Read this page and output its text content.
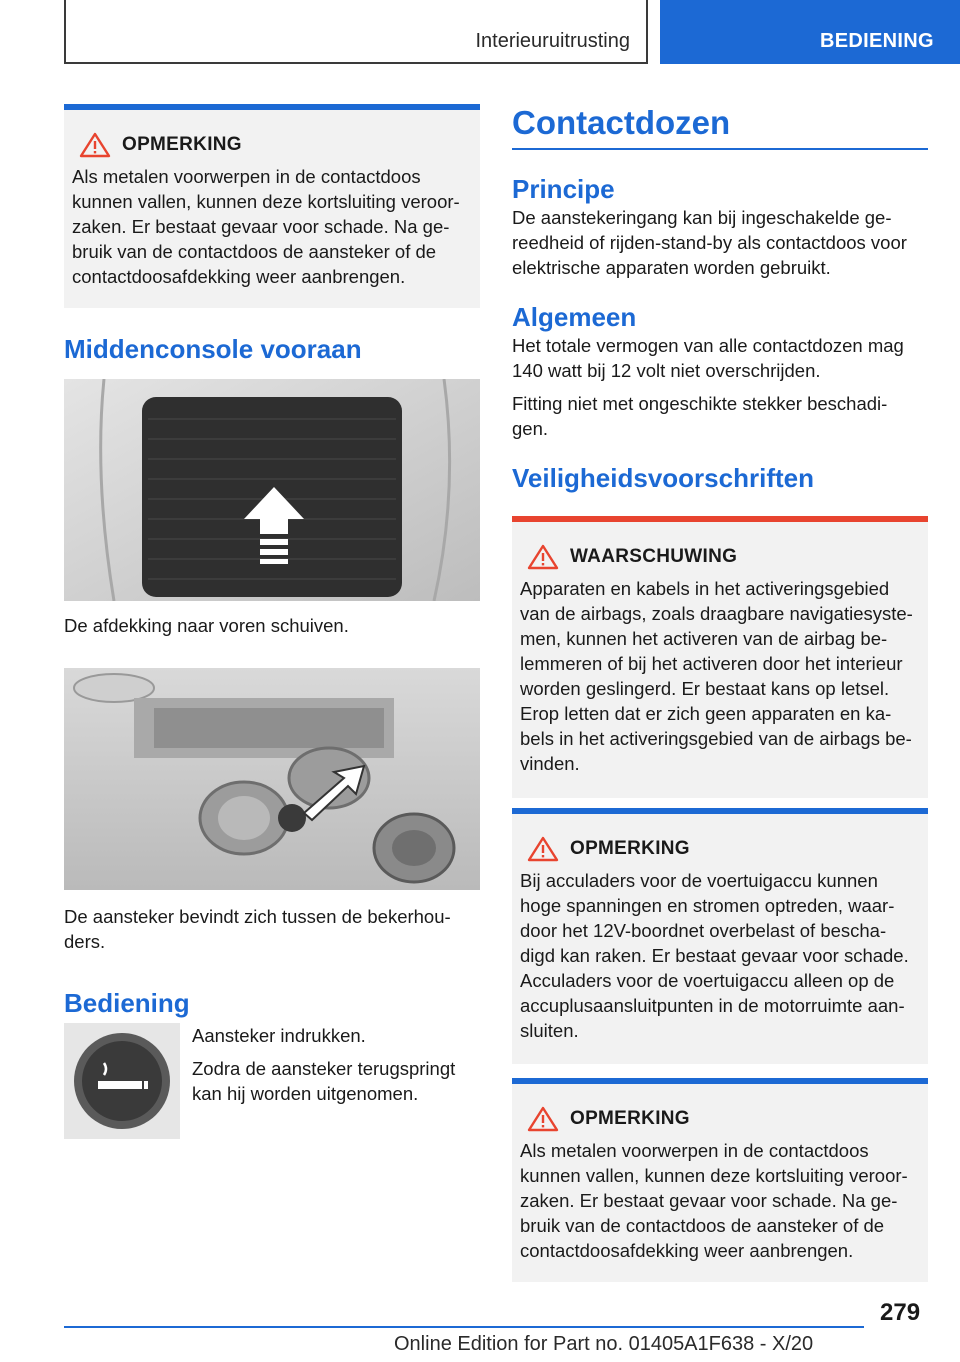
Interieuruitrusting	BEDIENING
OPMERKING

Als metalen voorwerpen in de contactdoos

kunnen vallen, kunnen deze kortsluiting veroor-

zaken. Er bestaat gevaar voor schade. Na ge-

bruik van de contactdoos de aansteker of de

contactdoosafdekking weer aanbrengen.

Middenconsole vooraan

De afdekking naar voren schuiven.

De aansteker bevindt zich tussen de bekerhou-

ders.

Bediening

Aansteker indrukken.

Zodra de aansteker terugspringt

kan hij worden uitgenomen.

Contactdozen
Principe

De aanstekeringang kan bij ingeschakelde ge-

reedheid of rijden-stand-by als contactdoos voor

elektrische apparaten worden gebruikt.

Algemeen

Het totale vermogen van alle contactdozen mag

140 watt bij 12 volt niet overschrijden.

Fitting niet met ongeschikte stekker beschadi-

gen.

Veiligheidsvoorschriften
WAARSCHUWING

Apparaten en kabels in het activeringsgebied

van de airbags, zoals draagbare navigatiesyste-

men, kunnen het activeren van de airbag be-

lemmeren of bij het activeren door het interieur

worden geslingerd. Er bestaat kans op letsel.

Erop letten dat er zich geen apparaten en ka-

bels in het activeringsgebied van de airbags be-

vinden.

OPMERKING

Bij acculaders voor de voertuigaccu kunnen

hoge spanningen en stromen optreden, waar-

door het 12V-boordnet overbelast of bescha-

digd kan raken. Er bestaat gevaar voor schade.

Acculaders voor de voertuigaccu alleen op de

accuplusaansluitpunten in de motorruimte aan-

sluiten.

OPMERKING

Als metalen voorwerpen in de contactdoos

kunnen vallen, kunnen deze kortsluiting veroor-

zaken. Er bestaat gevaar voor schade. Na ge-

bruik van de contactdoos de aansteker of de

contactdoosafdekking weer aanbrengen.

279
Online Edition for Part no. 01405A1F638 - X/20
